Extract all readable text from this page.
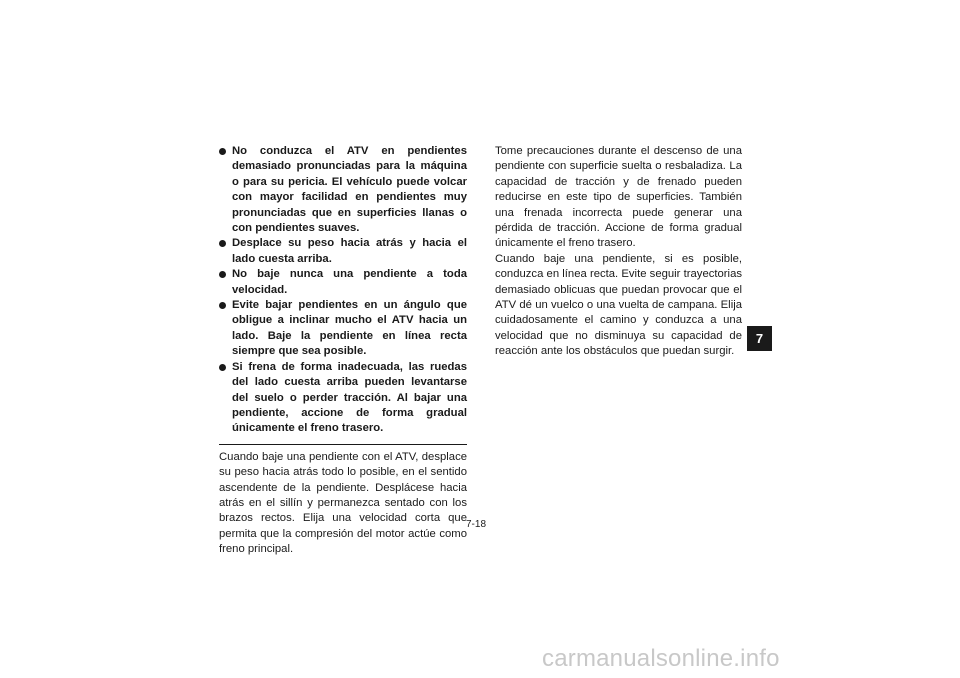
No conduzca el ATV en pendientes demasiado pronunciadas para la máquina o para su pericia. El vehículo puede volcar con mayor facilidad en pendientes muy pronunciadas que en superficies llanas o con pendientes suaves.
Desplace su peso hacia atrás y hacia el lado cuesta arriba.
No baje nunca una pendiente a toda velocidad.
Evite bajar pendientes en un ángulo que obligue a inclinar mucho el ATV hacia un lado. Baje la pendiente en línea recta siempre que sea posible.
Si frena de forma inadecuada, las ruedas del lado cuesta arriba pueden levantarse del suelo o perder tracción. Al bajar una pendiente, accione de forma gradual únicamente el freno trasero.

Cuando baje una pendiente con el ATV, desplace su peso hacia atrás todo lo posible, en el sentido ascendente de la pendiente. Desplácese hacia atrás en el sillín y permanezca sentado con los brazos rectos. Elija una velocidad corta que permita que la compresión del motor actúe como freno principal.

Tome precauciones durante el descenso de una pendiente con superficie suelta o resbaladiza. La capacidad de tracción y de frenado pueden reducirse en este tipo de superficies. También una frenada incorrecta puede generar una pérdida de tracción. Accione de forma gradual únicamente el freno trasero.

Cuando baje una pendiente, si es posible, conduzca en línea recta. Evite seguir trayectorias demasiado oblicuas que puedan provocar que el ATV dé un vuelco o una vuelta de campana. Elija cuidadosamente el camino y conduzca a una velocidad que no disminuya su capacidad de reacción ante los obstáculos que puedan surgir.

7
7-18
carmanualsonline.info
